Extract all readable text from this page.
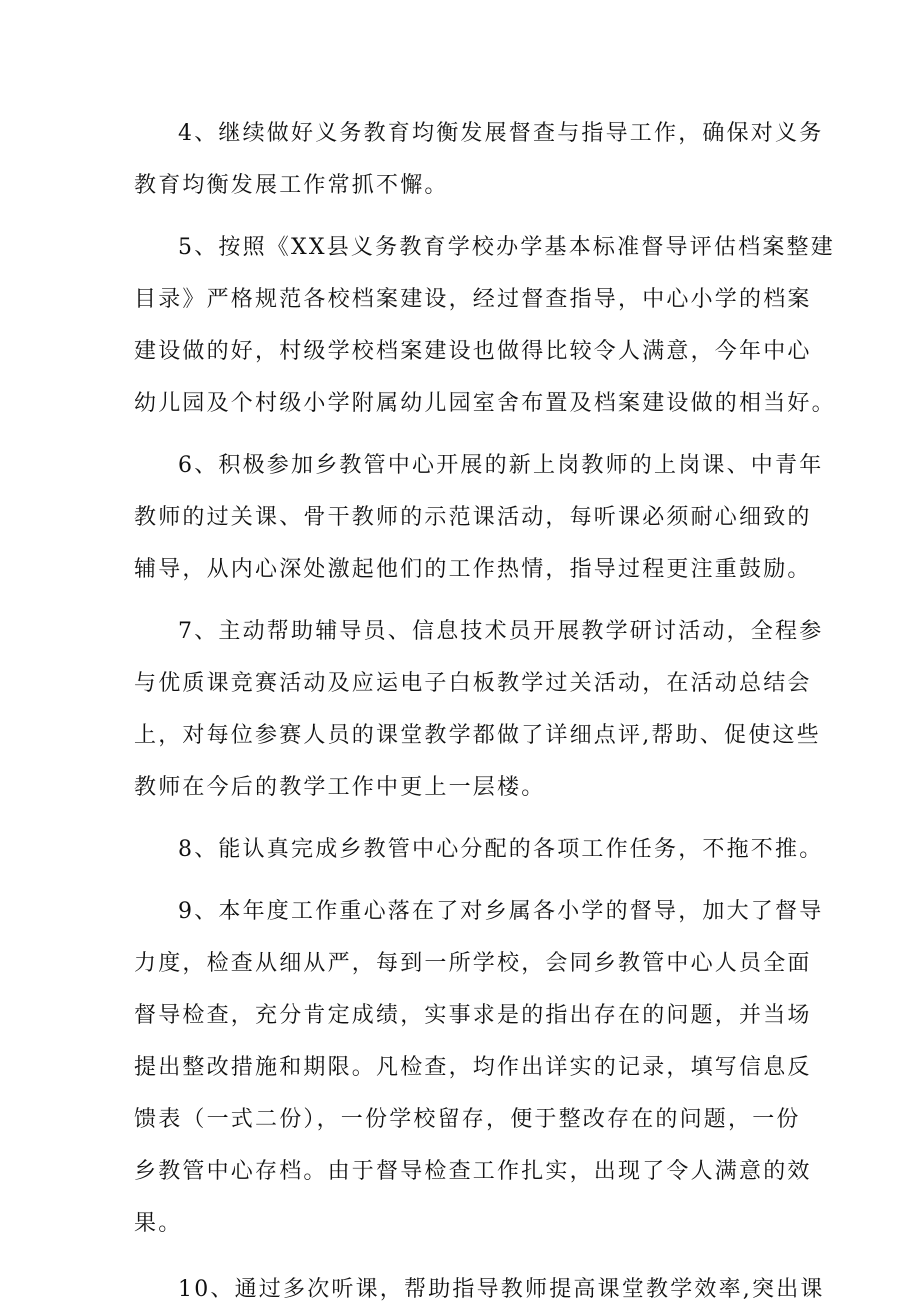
4、继续做好义务教育均衡发展督查与指导工作，确保对义务
教育均衡发展工作常抓不懈。
5、按照《XX县义务教育学校办学基本标准督导评估档案整建
目录》严格规范各校档案建设，经过督查指导，中心小学的档案
建设做的好，村级学校档案建设也做得比较令人满意，今年中心
幼儿园及个村级小学附属幼儿园室舍布置及档案建设做的相当好。
6、积极参加乡教管中心开展的新上岗教师的上岗课、中青年
教师的过关课、骨干教师的示范课活动，每听课必须耐心细致的
辅导，从内心深处激起他们的工作热情，指导过程更注重鼓励。
7、主动帮助辅导员、信息技术员开展教学研讨活动，全程参
与优质课竞赛活动及应运电子白板教学过关活动，在活动总结会
上，对每位参赛人员的课堂教学都做了详细点评,帮助、促使这些
教师在今后的教学工作中更上一层楼。
8、能认真完成乡教管中心分配的各项工作任务，不拖不推。
9、本年度工作重心落在了对乡属各小学的督导，加大了督导
力度，检查从细从严，每到一所学校，会同乡教管中心人员全面
督导检查，充分肯定成绩，实事求是的指出存在的问题，并当场
提出整改措施和期限。凡检查，均作出详实的记录，填写信息反
馈表（一式二份），一份学校留存，便于整改存在的问题，一份
乡教管中心存档。由于督导检查工作扎实，出现了令人满意的效
果。
10、通过多次听课，帮助指导教师提高课堂教学效率,突出课
